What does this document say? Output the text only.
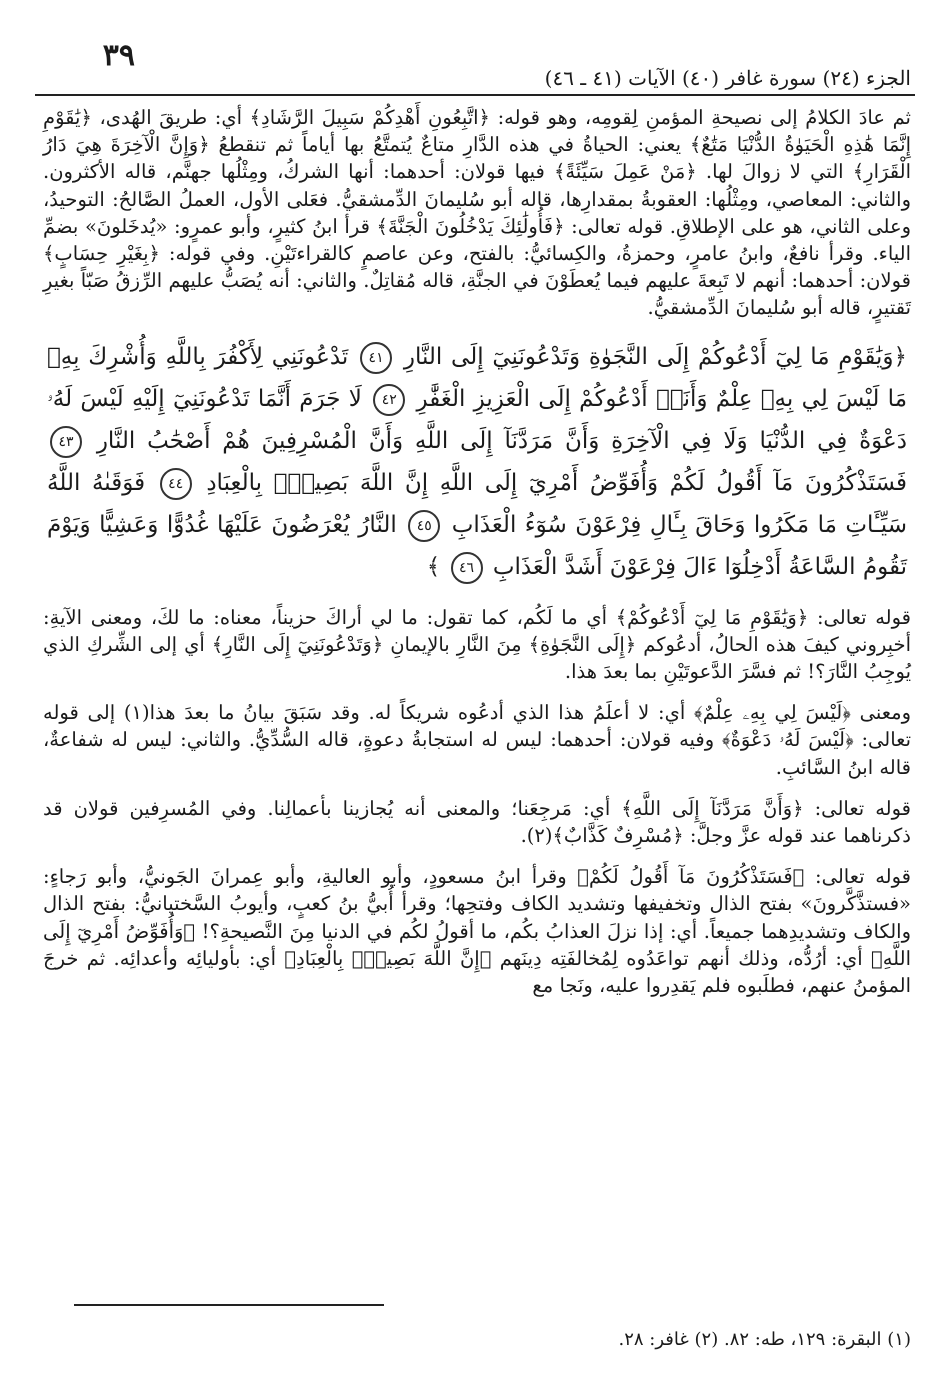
٣٩
الجزء (٢٤) سورة غافر (٤٠) الآيات (٤١ ـ ٤٦)

ثم عادَ الكلامُ إلى نصيحةِ المؤمنِ لِقومِه، وهو قوله: ﴿اتَّبِعُونِ أَهْدِكُمْ سَبِيلَ الرَّشَادِ﴾ أي: طريقَ الهُدى، ﴿يَٰقَوْمِ إِنَّمَا هَٰذِهِ الْحَيَوٰةُ الدُّنْيَا مَتَٰعٌ﴾ يعني: الحياةُ في هذه الدَّارِ متاعٌ يُتمتَّعُ بها أياماً ثم تنقطعُ ﴿وَإِنَّ الْآخِرَةَ هِيَ دَارُ الْقَرَارِ﴾ التي لا زوالَ لها. ﴿مَنْ عَمِلَ سَيِّئَةً﴾ فيها قولان: أحدهما: أنها الشركُ، ومِثْلُها جهنَّم، قاله الأكثرون. والثاني: المعاصي، ومِثْلُها: العقوبةُ بمقدارِها، قاله أبو سُليمانَ الدِّمشقيُّ. فعَلى الأول، العملُ الصَّالحُ: التوحيدُ، وعلى الثاني، هو على الإطلاقِ. قوله تعالى: ﴿فَأُولَٰئِكَ يَدْخُلُونَ الْجَنَّةَ﴾ قرأ ابنُ كثيرٍ، وأبو عمرٍو: «يُدخَلونَ» بضمِّ الياء. وقرأ نافعٌ، وابنُ عامرٍ، وحمزةُ، والكِسائيُّ: بالفتح، وعن عاصمٍ كالقراءتَيْنِ. وفي قوله: ﴿بِغَيْرِ حِسَابٍ﴾ قولان: أحدهما: أنهم لا تَبِعةَ عليهم فيما يُعطَوْنَ في الجنَّةِ، قاله مُقاتِلٌ. والثاني: أنه يُصَبُّ عليهم الرِّزقُ صَبّاً بغيرِ تَقتيرٍ، قاله أبو سُليمانَ الدِّمشقيُّ.

﴿وَيَٰقَوْمِ مَا لِيٓ أَدْعُوكُمْ إِلَى النَّجَوٰةِ وَتَدْعُونَنِيٓ إِلَى النَّارِ ٤١ تَدْعُونَنِي لِأَكْفُرَ بِاللَّهِ وَأُشْرِكَ بِهِۦ مَا لَيْسَ لِي بِهِۦ عِلْمٌ وَأَنَا۠ أَدْعُوكُمْ إِلَى الْعَزِيزِ الْغَفَّٰرِ ٤٢ لَا جَرَمَ أَنَّمَا تَدْعُونَنِيٓ إِلَيْهِ لَيْسَ لَهُۥ دَعْوَةٌ فِي الدُّنْيَا وَلَا فِي الْآخِرَةِ وَأَنَّ مَرَدَّنَآ إِلَى اللَّهِ وَأَنَّ الْمُسْرِفِينَ هُمْ أَصْحَٰبُ النَّارِ ٤٣ فَسَتَذْكُرُونَ مَآ أَقُولُ لَكُمْ وَأُفَوِّضُ أَمْرِيٓ إِلَى اللَّهِ إِنَّ اللَّهَ بَصِيرٌۢ بِالْعِبَادِ ٤٤ فَوَقَىٰهُ اللَّهُ سَيِّـَٔاتِ مَا مَكَرُوا وَحَاقَ بِـَٔالِ فِرْعَوْنَ سُوٓءُ الْعَذَابِ ٤٥ النَّارُ يُعْرَضُونَ عَلَيْهَا غُدُوًّا وَعَشِيًّا وَيَوْمَ تَقُومُ السَّاعَةُ أَدْخِلُوٓا ءَالَ فِرْعَوْنَ أَشَدَّ الْعَذَابِ ٤٦ ﴾

قوله تعالى: ﴿وَيَٰقَوْمِ مَا لِيٓ أَدْعُوكُمْ﴾ أي ما لَكُم، كما تقول: ما لي أراكَ حزيناً، معناه: ما لكَ، ومعنى الآيةِ: أخبِروني كيفَ هذه الحالُ، أدعُوكم ﴿إِلَى النَّجَوٰةِ﴾ مِنَ النَّارِ بالإيمانِ ﴿وَتَدْعُونَنِيٓ إِلَى النَّارِ﴾ أي إلى الشِّركِ الذي يُوجِبُ النَّارَ؟! ثم فسَّرَ الدَّعوتَيْنِ بما بعدَ هذا.

ومعنى ﴿لَيْسَ لِي بِهِۦ عِلْمٌ﴾ أي: لا أعلَمُ هذا الذي أدعُوه شريكاً له. وقد سَبَقَ بيانُ ما بعدَ هذا(١) إلى قوله تعالى: ﴿لَيْسَ لَهُۥ دَعْوَةٌ﴾ وفيه قولان: أحدهما: ليس له استجابةُ دعوةٍ، قاله السُّدِّيُّ. والثاني: ليس له شفاعةٌ، قاله ابنُ السَّائبِ.

قوله تعالى: ﴿وَأَنَّ مَرَدَّنَآ إِلَى اللَّهِ﴾ أي: مَرجِعَنا؛ والمعنى أنه يُجازينا بأعمالِنا. وفي المُسرِفين قولان قد ذكرناهما عند قوله عزَّ وجلَّ: ﴿مُسْرِفٌ كَذَّابٌ﴾(٢).

قوله تعالى: ﴿فَسَتَذْكُرُونَ مَآ أَقُولُ لَكُمْ﴾ وقرأ ابنُ مسعودٍ، وأبو العاليةِ، وأبو عِمرانَ الجَونيُّ، وأبو رَجاءٍ: «فستذَّكَّرونَ» بفتح الذال وتخفيفها وتشديد الكاف وفتحِها؛ وقرأ أُبيُّ بنُ كعبٍ، وأيوبُ السَّختيانيُّ: بفتح الذال والكاف وتشديدِهما جميعاً. أي: إذا نزلَ العذابُ بكُم، ما أقولُ لكُم في الدنيا مِنَ النَّصيحةِ؟! ﴿وَأُفَوِّضُ أَمْرِيٓ إِلَى اللَّهِ﴾ أي: أرُدُّه، وذلك أنهم تواعَدُوه لِمُخالفَتِه دِينَهم ﴿إِنَّ اللَّهَ بَصِيرٌۢ بِالْعِبَادِ﴾ أي: بأوليائِه وأعدائِه. ثم خرجَ المؤمنُ عنهم، فطلَبوه فلم يَقدِروا عليه، ونَجا مع

(١) البقرة: ١٢٩، طه: ٨٢. (٢) غافر: ٢٨.
